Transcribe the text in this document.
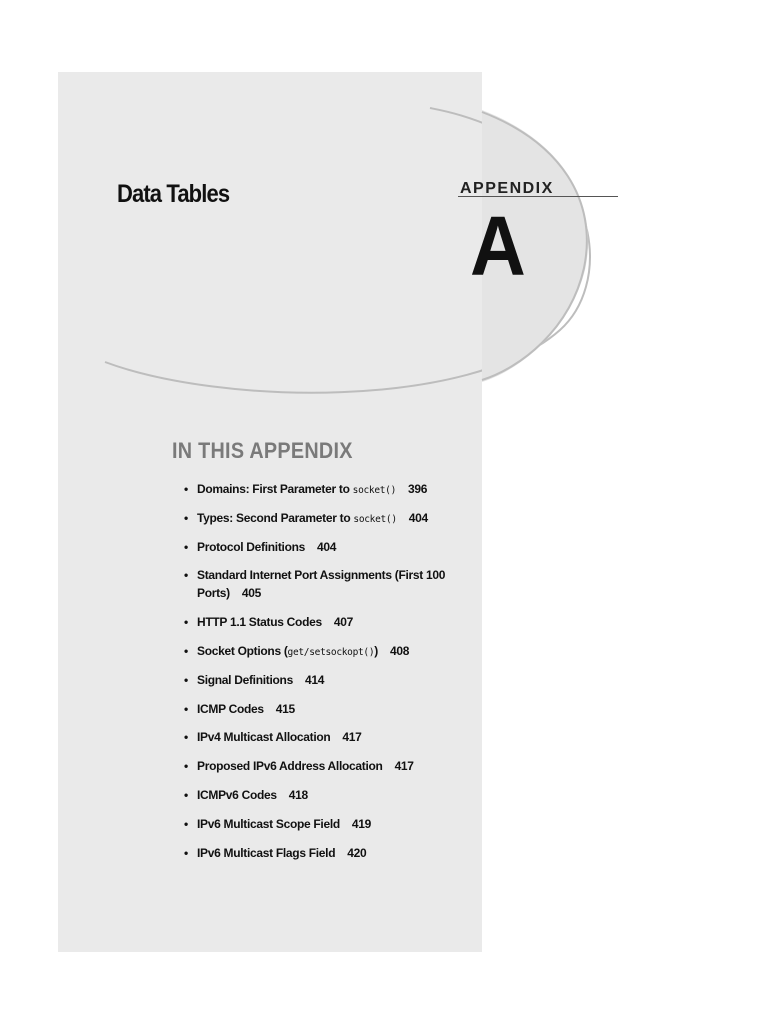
Data Tables	APPENDIX
A
IN THIS APPENDIX
• Domains: First Parameter to socket() 396
• Types: Second Parameter to socket() 404
• Protocol Definitions 404
• Standard Internet Port Assignments (First 100 Ports) 405
• HTTP 1.1 Status Codes 407
• Socket Options (get/setsockopt()) 408
• Signal Definitions 414
• ICMP Codes 415
• IPv4 Multicast Allocation 417
• Proposed IPv6 Address Allocation 417
• ICMPv6 Codes 418
• IPv6 Multicast Scope Field 419
• IPv6 Multicast Flags Field 420
